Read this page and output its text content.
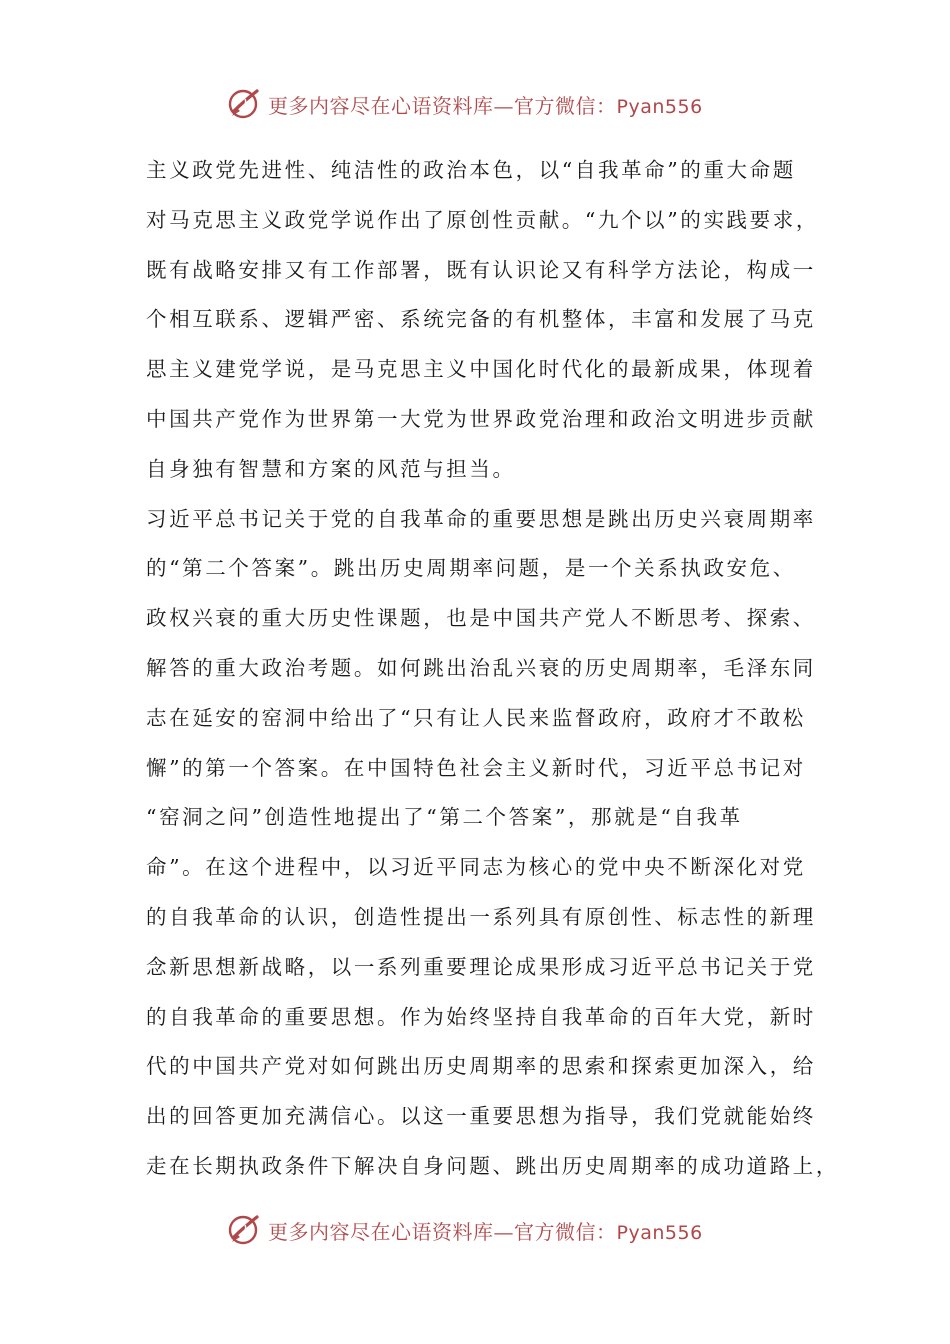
更多内容尽在心语资料库—官方微信：Pyan556
主义政党先进性、纯洁性的政治本色，以“自我革命”的重大命题
对马克思主义政党学说作出了原创性贡献。“九个以”的实践要求，
既有战略安排又有工作部署，既有认识论又有科学方法论，构成一
个相互联系、逻辑严密、系统完备的有机整体，丰富和发展了马克
思主义建党学说，是马克思主义中国化时代化的最新成果，体现着
中国共产党作为世界第一大党为世界政党治理和政治文明进步贡献
自身独有智慧和方案的风范与担当。
习近平总书记关于党的自我革命的重要思想是跳出历史兴衰周期率
的“第二个答案”。跳出历史周期率问题，是一个关系执政安危、
政权兴衰的重大历史性课题，也是中国共产党人不断思考、探索、
解答的重大政治考题。如何跳出治乱兴衰的历史周期率，毛泽东同
志在延安的窑洞中给出了“只有让人民来监督政府，政府才不敢松
懈”的第一个答案。在中国特色社会主义新时代，习近平总书记对
“窑洞之问”创造性地提出了“第二个答案”，那就是“自我革
命”。在这个进程中，以习近平同志为核心的党中央不断深化对党
的自我革命的认识，创造性提出一系列具有原创性、标志性的新理
念新思想新战略，以一系列重要理论成果形成习近平总书记关于党
的自我革命的重要思想。作为始终坚持自我革命的百年大党，新时
代的中国共产党对如何跳出历史周期率的思索和探索更加深入，给
出的回答更加充满信心。以这一重要思想为指导，我们党就能始终
走在长期执政条件下解决自身问题、跳出历史周期率的成功道路上，
更多内容尽在心语资料库—官方微信：Pyan556
